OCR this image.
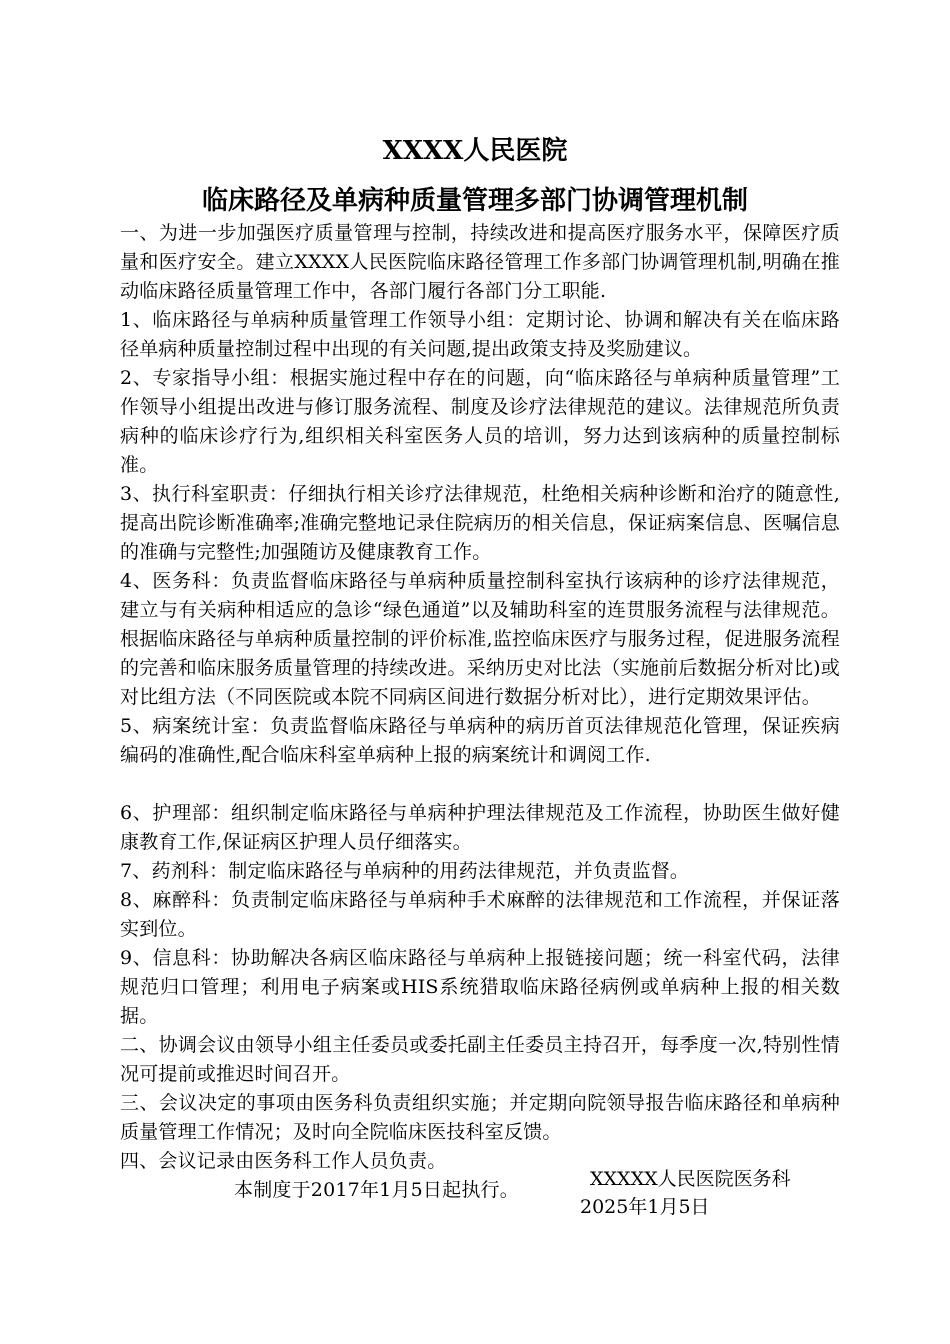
XXXX人民医院
临床路径及单病种质量管理多部门协调管理机制

一、为进一步加强医疗质量管理与控制，持续改进和提高医疗服务水平，保障医疗质量和医疗安全。建立XXXX人民医院临床路径管理工作多部门协调管理机制,明确在推动临床路径质量管理工作中，各部门履行各部门分工职能.

1、临床路径与单病种质量管理工作领导小组：定期讨论、协调和解决有关在临床路径单病种质量控制过程中出现的有关问题,提出政策支持及奖励建议。

2、专家指导小组：根据实施过程中存在的问题，向“临床路径与单病种质量管理”工作领导小组提出改进与修订服务流程、制度及诊疗法律规范的建议。法律规范所负责病种的临床诊疗行为,组织相关科室医务人员的培训，努力达到该病种的质量控制标准。

3、执行科室职责：仔细执行相关诊疗法律规范，杜绝相关病种诊断和治疗的随意性,提高出院诊断准确率;准确完整地记录住院病历的相关信息，保证病案信息、医嘱信息的准确与完整性;加强随访及健康教育工作。

4、医务科：负责监督临床路径与单病种质量控制科室执行该病种的诊疗法律规范，建立与有关病种相适应的急诊“绿色通道”以及辅助科室的连贯服务流程与法律规范。根据临床路径与单病种质量控制的评价标准,监控临床医疗与服务过程，促进服务流程的完善和临床服务质量管理的持续改进。采纳历史对比法（实施前后数据分析对比)或对比组方法（不同医院或本院不同病区间进行数据分析对比），进行定期效果评估。

5、病案统计室：负责监督临床路径与单病种的病历首页法律规范化管理，保证疾病编码的准确性,配合临床科室单病种上报的病案统计和调阅工作.

6、护理部：组织制定临床路径与单病种护理法律规范及工作流程，协助医生做好健康教育工作,保证病区护理人员仔细落实。

7、药剂科：制定临床路径与单病种的用药法律规范，并负责监督。

8、麻醉科：负责制定临床路径与单病种手术麻醉的法律规范和工作流程，并保证落实到位。

9、信息科：协助解决各病区临床路径与单病种上报链接问题；统一科室代码，法律规范归口管理；利用电子病案或HIS系统猎取临床路径病例或单病种上报的相关数据。

二、协调会议由领导小组主任委员或委托副主任委员主持召开，每季度一次,特别性情况可提前或推迟时间召开。

三、会议决定的事项由医务科负责组织实施；并定期向院领导报告临床路径和单病种质量管理工作情况；及时向全院临床医技科室反馈。

四、会议记录由医务科工作人员负责。

本制度于2017年1月5日起执行。	XXXXX人民医院医务科
2025年1月5日
